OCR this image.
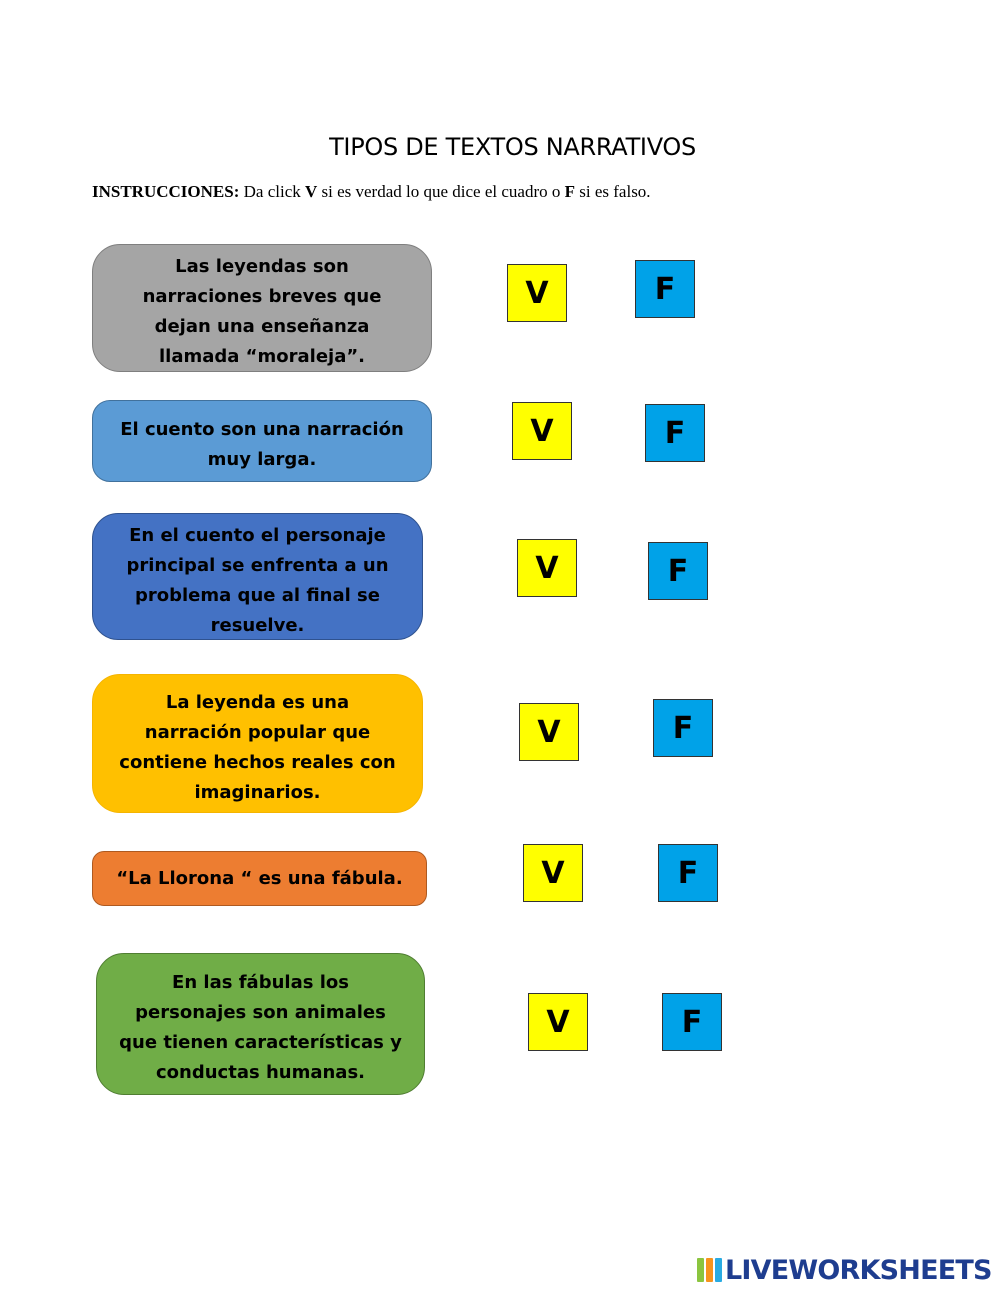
TIPOS DE TEXTOS NARRATIVOS
INSTRUCCIONES: Da click V si es verdad lo que dice el cuadro o F si es falso.
Las leyendas son narraciones breves que dejan una enseñanza llamada “moraleja”.
V	F
El cuento son una narración muy larga.
V	F
En el cuento el personaje principal se enfrenta a un problema que al final se resuelve.
V	F
La leyenda es una narración popular que contiene hechos reales con imaginarios.
V	F
“La Llorona “ es una fábula.	V	F
En las fábulas los personajes son animales que tienen características y conductas humanas.
V	F
LIVEWORKSHEETS
